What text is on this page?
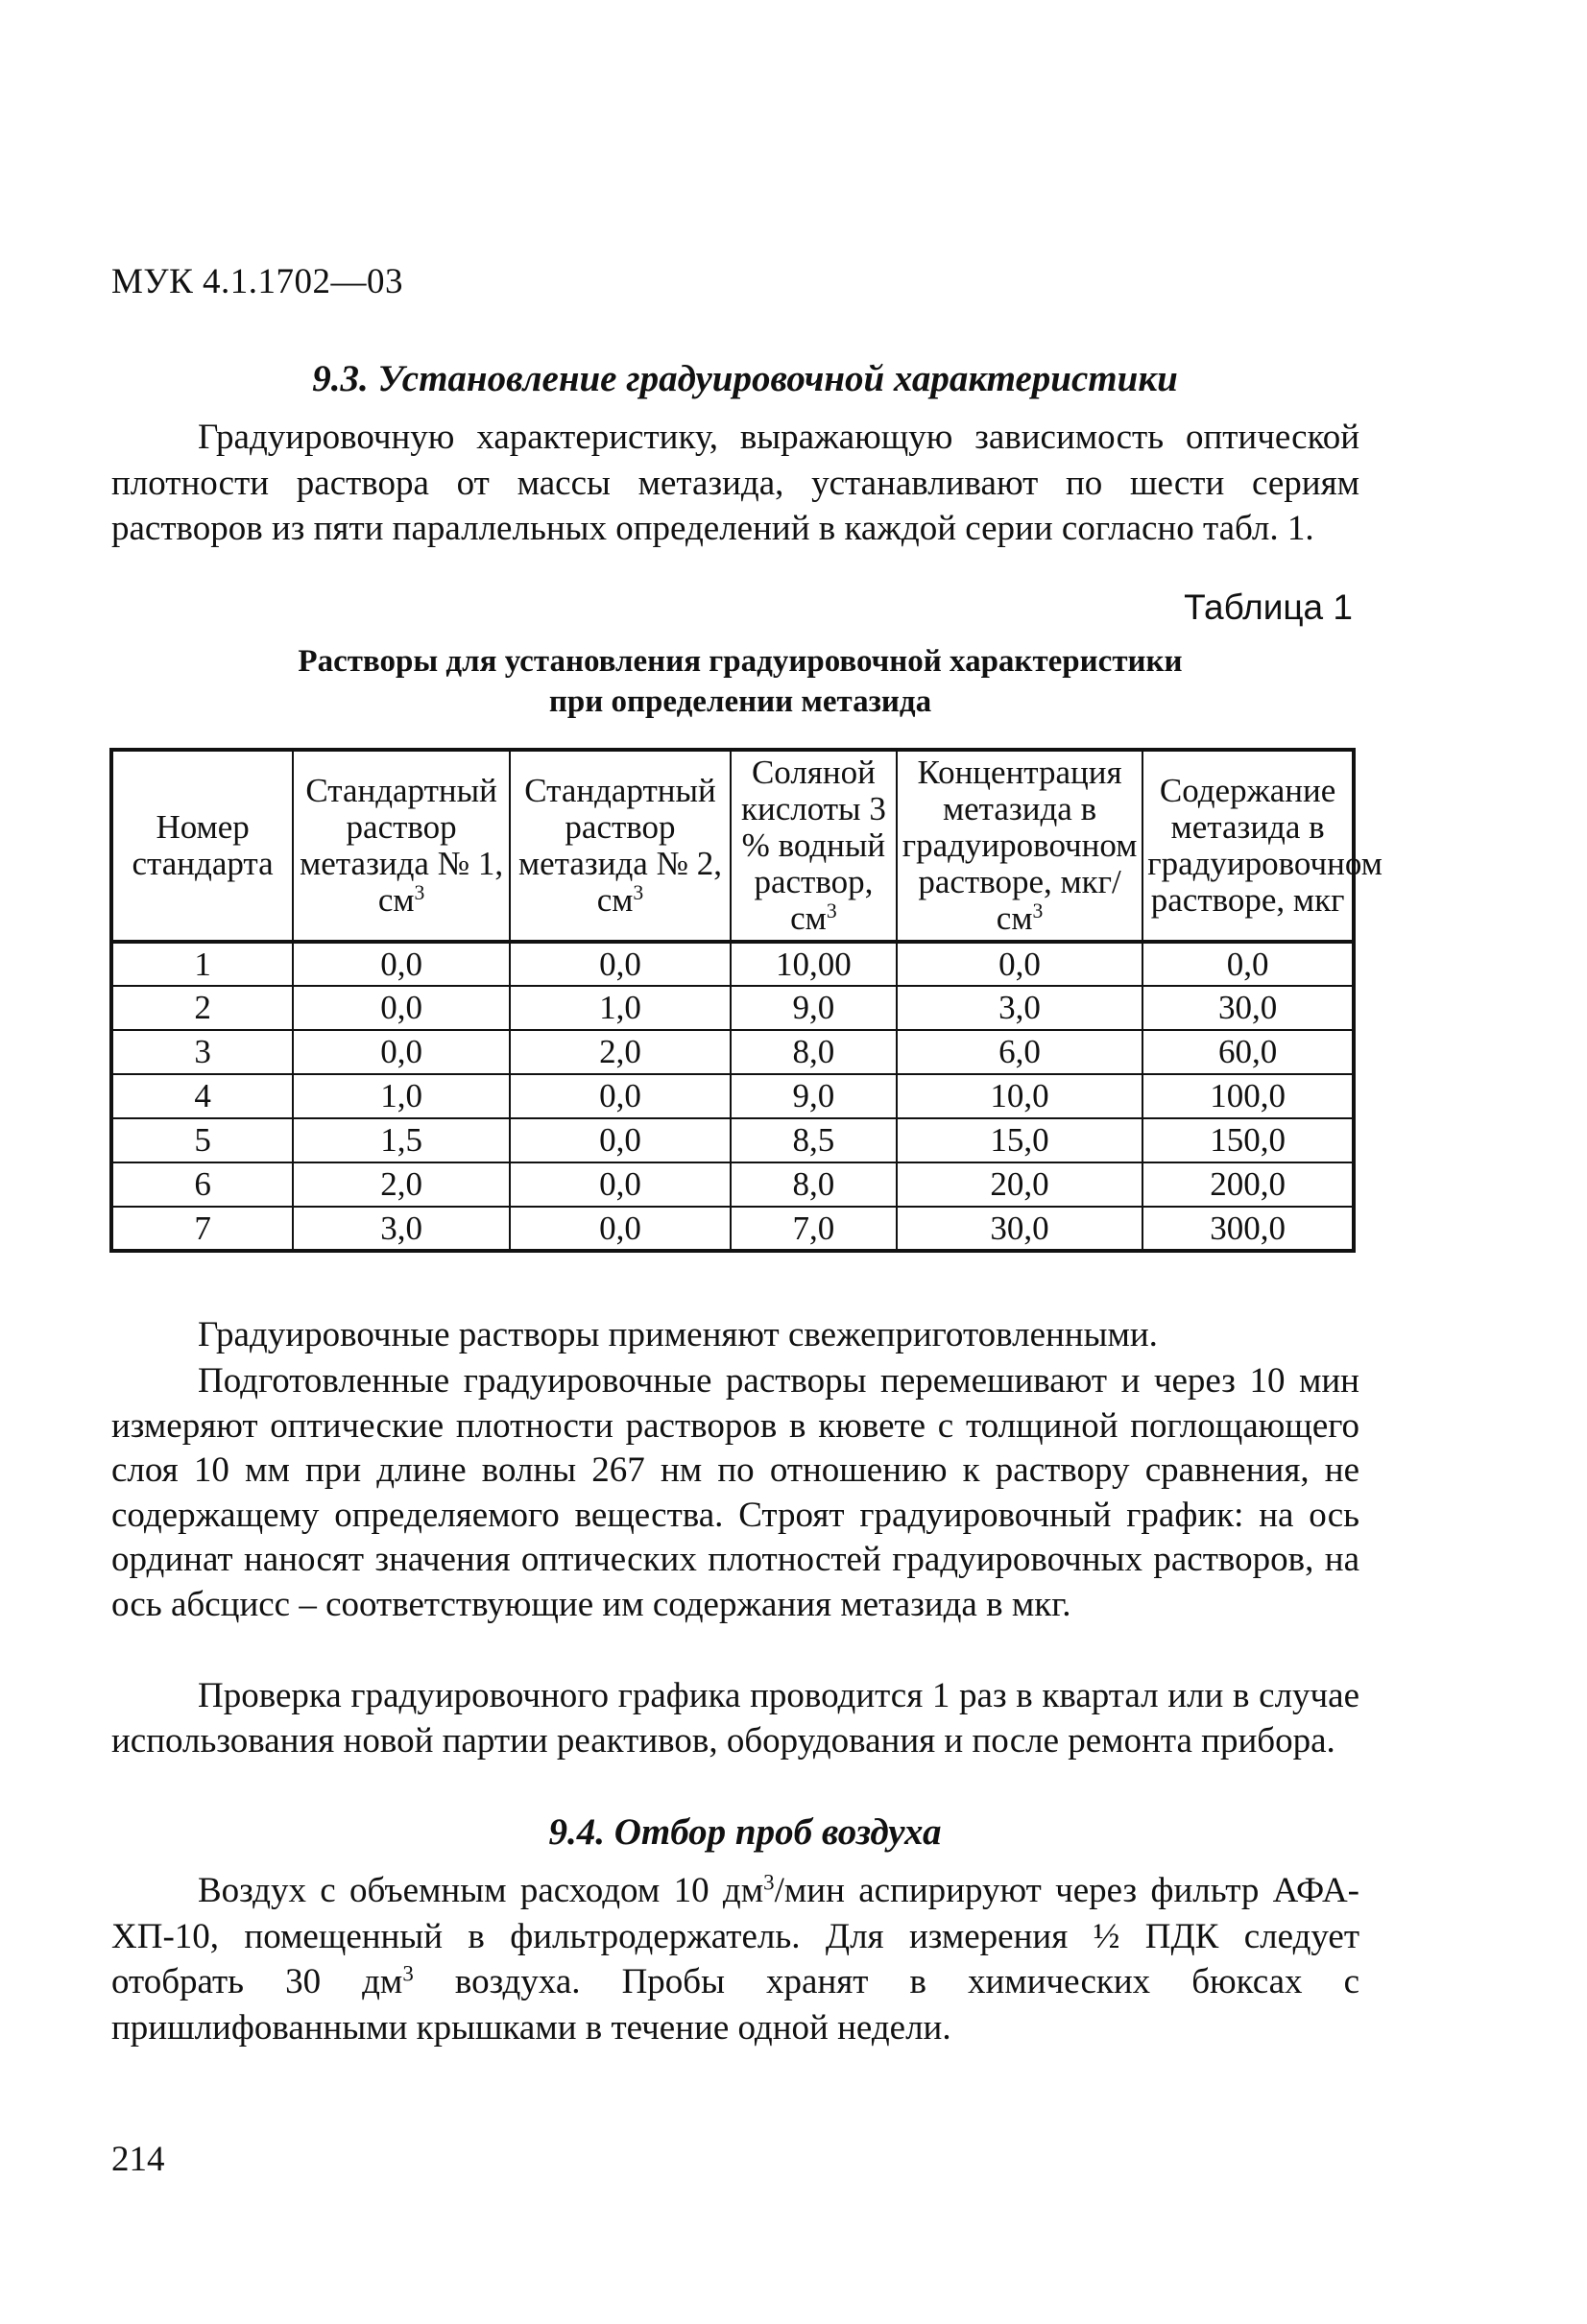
МУК 4.1.1702—03
9.3. Установление градуировочной характеристики

Градуировочную характеристику, выражающую зависимость оптической плотности раствора от массы метазида, устанавливают по шести сериям растворов из пяти параллельных определений в каждой серии согласно табл. 1.

Таблица 1
Растворы для установления градуировочной характеристики
при определении метазида
Номер стандарта	Стандартный раствор метазида № 1, $см^3$	Стандартный раствор метазида № 2, $см^3$	Соляной кислоты 3 % водный раствор, $см^3$	Концентрация метазида в градуировочном растворе, мкг/$см^3$	Содержание метазида в градуировочном растворе, мкг
1	0,0	0,0	10,00	0,0	0,0
2	0,0	1,0	9,0	3,0	30,0
3	0,0	2,0	8,0	6,0	60,0
4	1,0	0,0	9,0	10,0	100,0
5	1,5	0,0	8,5	15,0	150,0
6	2,0	0,0	8,0	20,0	200,0
7	3,0	0,0	7,0	30,0	300,0

Градуировочные растворы применяют свежеприготовленными.

Подготовленные градуировочные растворы перемешивают и через 10 мин измеряют оптические плотности растворов в кювете с толщиной поглощающего слоя 10 мм при длине волны 267 нм по отношению к раствору сравнения, не содержащему определяемого вещества. Строят градуировочный график: на ось ординат наносят значения оптических плотностей градуировочных растворов, на ось абсцисс – соответствующие им содержания метазида в мкг.

Проверка градуировочного графика проводится 1 раз в квартал или в случае использования новой партии реактивов, оборудования и после ремонта прибора.

9.4. Отбор проб воздуха

Воздух с объемным расходом 10 $дм^3$/мин аспирируют через фильтр АФА-ХП-10, помещенный в фильтродержатель. Для измерения ½ ПДК следует отобрать 30 $дм^3$ воздуха. Пробы хранят в химических бюксах с пришлифованными крышками в течение одной недели.

214
